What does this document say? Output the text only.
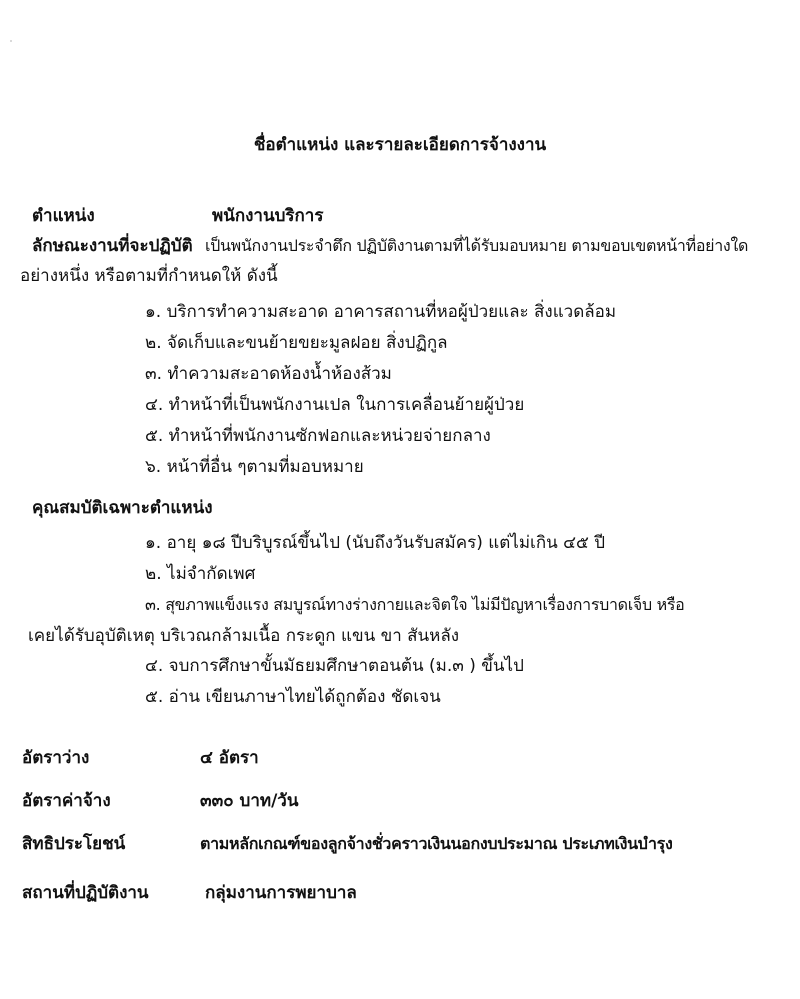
ชื่อตำแหน่ง และรายละเอียดการจ้างงาน

ตำแหน่ง	พนักงานบริการ

ลักษณะงานที่จะปฏิบัติ เป็นพนักงานประจำตึก ปฏิบัติงานตามที่ได้รับมอบหมาย ตามขอบเขตหน้าที่อย่างใด

อย่างหนึ่ง หรือตามที่กำหนดให้ ดังนี้

๑. บริการทำความสะอาด อาคารสถานที่หอผู้ป่วยและ สิ่งแวดล้อม

๒. จัดเก็บและขนย้ายขยะมูลฝอย สิ่งปฏิกูล

๓. ทำความสะอาดห้องน้ำห้องส้วม

๔. ทำหน้าที่เป็นพนักงานเปล ในการเคลื่อนย้ายผู้ป่วย

๕. ทำหน้าที่พนักงานซักฟอกและหน่วยจ่ายกลาง

๖. หน้าที่อื่น ๆตามที่มอบหมาย

คุณสมบัติเฉพาะตำแหน่ง

๑. อายุ ๑๘ ปีบริบูรณ์ขึ้นไป (นับถึงวันรับสมัคร) แต่ไม่เกิน ๔๕ ปี

๒. ไม่จำกัดเพศ

๓. สุขภาพแข็งแรง สมบูรณ์ทางร่างกายและจิตใจ ไม่มีปัญหาเรื่องการบาดเจ็บ หรือ

เคยได้รับอุบัติเหตุ บริเวณกล้ามเนื้อ กระดูก แขน ขา สันหลัง

๔. จบการศึกษาขั้นมัธยมศึกษาตอนต้น (ม.๓ ) ขึ้นไป

๕. อ่าน เขียนภาษาไทยได้ถูกต้อง ชัดเจน

อัตราว่าง	๔ อัตรา

อัตราค่าจ้าง	๓๓๐ บาท/วัน

สิทธิประโยชน์	ตามหลักเกณฑ์ของลูกจ้างชั่วคราวเงินนอกงบประมาณ ประเภทเงินบำรุง

สถานที่ปฏิบัติงาน	กลุ่มงานการพยาบาล
